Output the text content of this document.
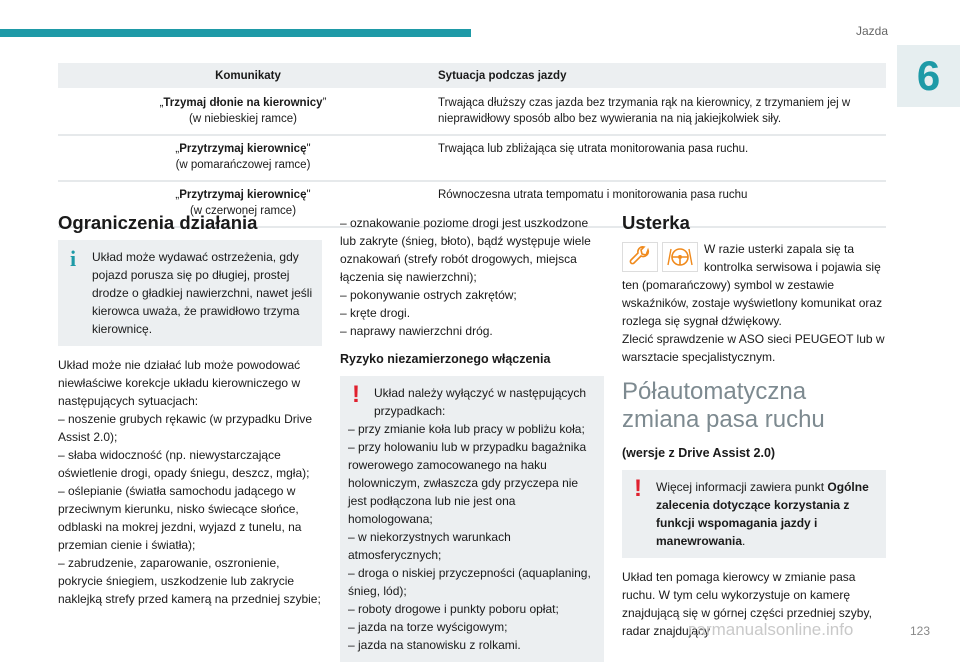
Jazda
6
Komunikaty	Sytuacja podczas jazdy
„Trzymaj dłonie na kierownicy”
(w niebieskiej ramce)	Trwająca dłuższy czas jazda bez trzymania rąk na kierownicy, z trzymaniem jej w nieprawidłowy sposób albo bez wywierania na nią jakiejkolwiek siły.
„Przytrzymaj kierownicę"
(w pomarańczowej ramce)	Trwająca lub zbliżająca się utrata monitorowania pasa ruchu.
„Przytrzymaj kierownicę"
(w czerwonej ramce)	Równoczesna utrata tempomatu i monitorowania pasa ruchu
Ograniczenia działania
i	Układ może wydawać ostrzeżenia, gdy pojazd porusza się po długiej, prostej drodze o gładkiej nawierzchni, nawet jeśli kierowca uważa, że prawidłowo trzyma kierownicę.

Układ może nie działać lub może powodować niewłaściwe korekcje układu kierowniczego w następujących sytuacjach:
– noszenie grubych rękawic (w przypadku Drive Assist 2.0);
– słaba widoczność (np. niewystarczające oświetlenie drogi, opady śniegu, deszcz, mgła);
– oślepianie (światła samochodu jadącego w przeciwnym kierunku, nisko świecące słońce, odblaski na mokrej jezdni, wyjazd z tunelu, na przemian cienie i światła);
– zabrudzenie, zaparowanie, oszronienie, pokrycie śniegiem, uszkodzenie lub zakrycie naklejką strefy przed kamerą na przedniej szybie;

– oznakowanie poziome drogi jest uszkodzone lub zakryte (śnieg, błoto), bądź występuje wiele oznakowań (strefy robót drogowych, miejsca łączenia się nawierzchni);
– pokonywanie ostrych zakrętów;
– kręte drogi.
– naprawy nawierzchni dróg.

Ryzyko niezamierzonego włączenia
!	Układ należy wyłączyć w następujących przypadkach:
– przy zmianie koła lub pracy w pobliżu koła;
– przy holowaniu lub w przypadku bagażnika rowerowego zamocowanego na haku holowniczym, zwłaszcza gdy przyczepa nie jest podłączona lub nie jest ona homologowana;
– w niekorzystnych warunkach atmosferycznych;
– droga o niskiej przyczepności (aquaplaning, śnieg, lód);
– roboty drogowe i punkty poboru opłat;
– jazda na torze wyścigowym;
– jazda na stanowisku z rolkami.
Usterka

W razie usterki zapala się ta kontrolka serwisowa i pojawia się ten (pomarańczowy) symbol w zestawie wskaźników, zostaje wyświetlony komunikat oraz rozlega się sygnał dźwiękowy.
Zlecić sprawdzenie w ASO sieci PEUGEOT lub w warsztacie specjalistycznym.

Półautomatyczna zmiana pasa ruchu
(wersje z Drive Assist 2.0)
!	Więcej informacji zawiera punkt Ogólne zalecenia dotyczące korzystania z funkcji wspomagania jazdy i manewrowania.

Układ ten pomaga kierowcy w zmianie pasa ruchu. W tym celu wykorzystuje on kamerę znajdującą się w górnej części przedniej szyby, radar znajdujący	123
carmanualsonline.info
